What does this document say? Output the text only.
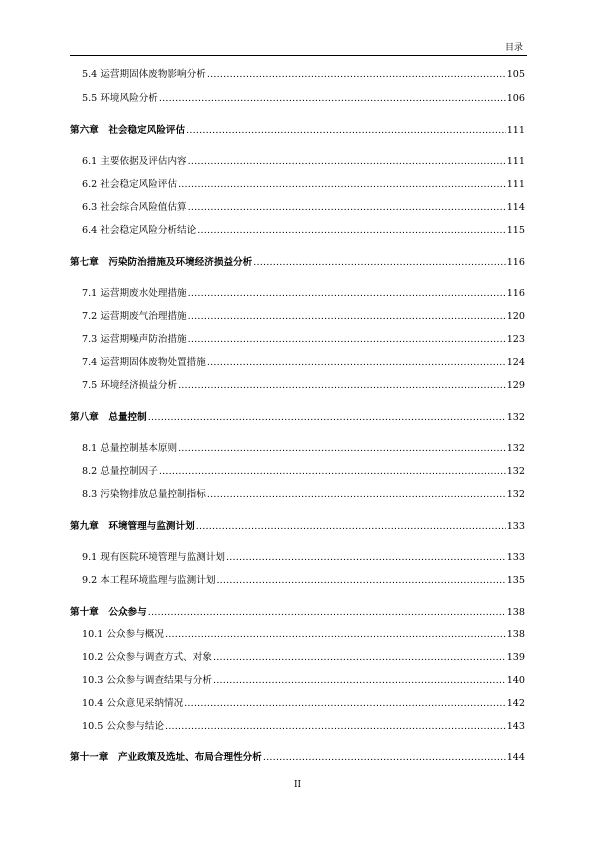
目录
5.4 运营期固体废物影响分析 .....	105
5.5 环境风险分析 .....	106
第六章　社会稳定风险评估 .....	111
6.1 主要依据及评估内容 .....	111
6.2 社会稳定风险评估 .....	111
6.3 社会综合风险值估算 .....	114
6.4 社会稳定风险分析结论 .....	115
第七章　污染防治措施及环境经济损益分析 .....	116
7.1 运营期废水处理措施 .....	116
7.2 运营期废气治理措施 .....	120
7.3 运营期噪声防治措施 .....	123
7.4 运营期固体废物处置措施 .....	124
7.5 环境经济损益分析 .....	129
第八章　总量控制 .....	132
8.1 总量控制基本原则 .....	132
8.2 总量控制因子 .....	132
8.3 污染物排放总量控制指标 .....	132
第九章　环境管理与监测计划 .....	133
9.1 现有医院环境管理与监测计划 .....	133
9.2 本工程环境监理与监测计划 .....	135
第十章　公众参与 .....	138
10.1 公众参与概况 .....	138
10.2 公众参与调查方式、对象 .....	139
10.3 公众参与调查结果与分析 .....	140
10.4 公众意见采纳情况 .....	142
10.5 公众参与结论 .....	143
第十一章　产业政策及选址、布局合理性分析 .....	144
II
